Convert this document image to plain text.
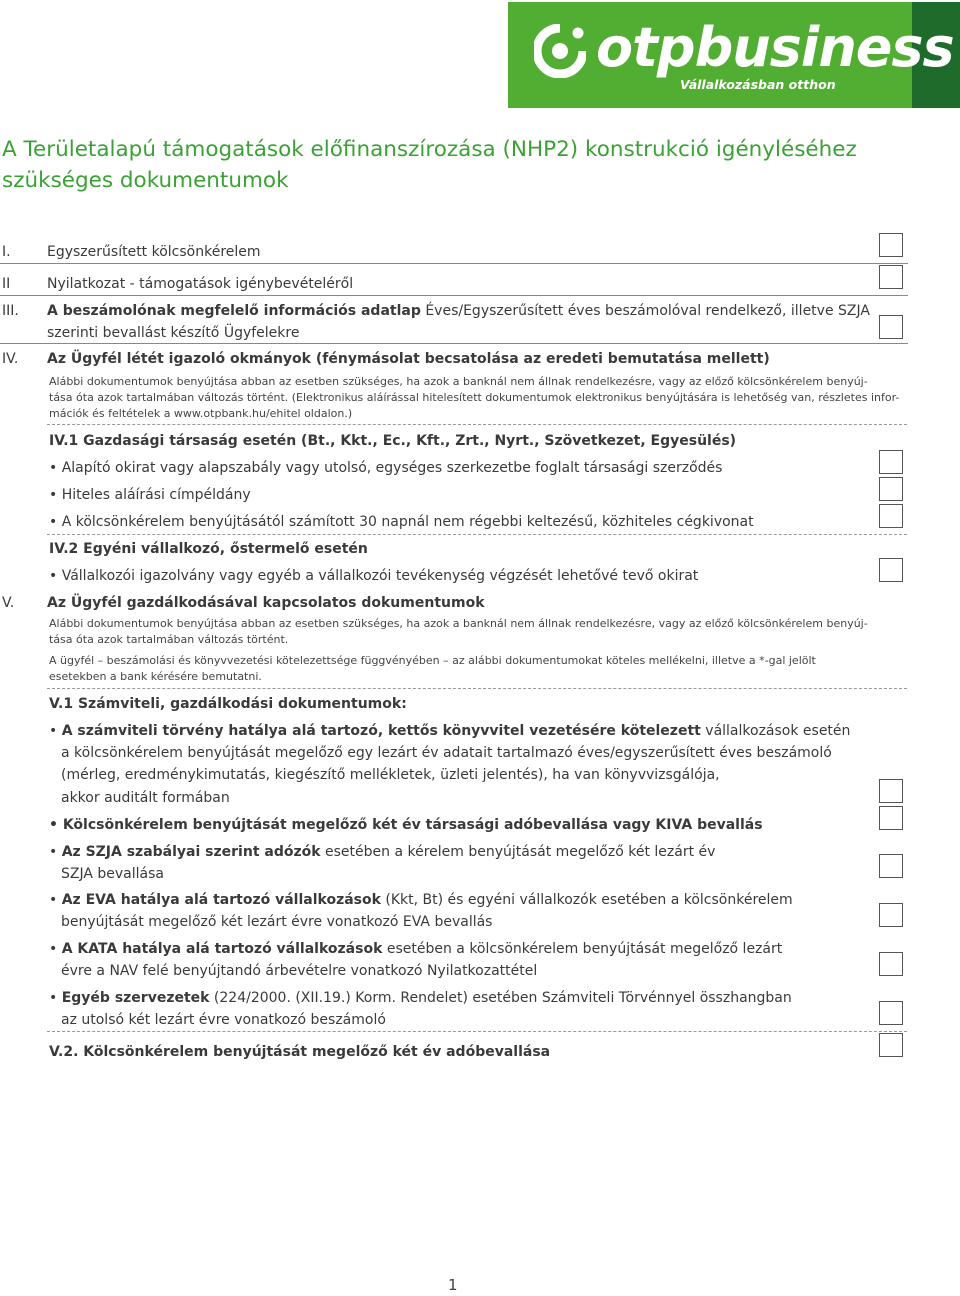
otpbusiness
Vállalkozásban otthon
A Területalapú támogatások előfinanszírozása (NHP2) konstrukció igényléséhez szükséges dokumentumok
I.	Egyszerűsített kölcsönkérelem
II	Nyilatkozat - támogatások igénybevételéről
III. A beszámolónak megfelelő információs adatlap Éves/Egyszerűsített éves beszámolóval rendelkező, illetve SZJA
szerinti bevallást készítő Ügyfelekre
IV. Az Ügyfél létét igazoló okmányok (fénymásolat becsatolása az eredeti bemutatása mellett)
Alábbi dokumentumok benyújtása abban az esetben szükséges, ha azok a banknál nem állnak rendelkezésre, vagy az előző kölcsönkérelem benyúj-
tása óta azok tartalmában változás történt. (Elektronikus aláírással hitelesített dokumentumok elektronikus benyújtására is lehetőség van, részletes infor-
mációk és feltételek a www.otpbank.hu/ehitel oldalon.)
IV.1 Gazdasági társaság esetén (Bt., Kkt., Ec., Kft., Zrt., Nyrt., Szövetkezet, Egyesülés)
• Alapító okirat vagy alapszabály vagy utolsó, egységes szerkezetbe foglalt társasági szerződés
• Hiteles aláírási címpéldány
• A kölcsönkérelem benyújtásától számított 30 napnál nem régebbi keltezésű, közhiteles cégkivonat
IV.2 Egyéni vállalkozó, őstermelő esetén
• Vállalkozói igazolvány vagy egyéb a vállalkozói tevékenység végzését lehetővé tevő okirat
V. Az Ügyfél gazdálkodásával kapcsolatos dokumentumok
Alábbi dokumentumok benyújtása abban az esetben szükséges, ha azok a banknál nem állnak rendelkezésre, vagy az előző kölcsönkérelem benyúj-
tása óta azok tartalmában változás történt.
A ügyfél – beszámolási és könyvvezetési kötelezettsége függvényében – az alábbi dokumentumokat köteles mellékelni, illetve a *-gal jelölt
esetekben a bank kérésére bemutatni.
V.1 Számviteli, gazdálkodási dokumentumok:
• A számviteli törvény hatálya alá tartozó, kettős könyvvitel vezetésére kötelezett vállalkozások esetén
a kölcsönkérelem benyújtását megelőző egy lezárt év adatait tartalmazó éves/egyszerűsített éves beszámoló
(mérleg, eredménykimutatás, kiegészítő mellékletek, üzleti jelentés), ha van könyvvizsgálója,
akkor auditált formában
• Kölcsönkérelem benyújtását megelőző két év társasági adóbevallása vagy KIVA bevallás
• Az SZJA szabályai szerint adózók esetében a kérelem benyújtását megelőző két lezárt év
SZJA bevallása
• Az EVA hatálya alá tartozó vállalkozások (Kkt, Bt) és egyéni vállalkozók esetében a kölcsönkérelem
benyújtását megelőző két lezárt évre vonatkozó EVA bevallás
• A KATA hatálya alá tartozó vállalkozások esetében a kölcsönkérelem benyújtását megelőző lezárt
évre a NAV felé benyújtandó árbevételre vonatkozó Nyilatkozattétel
• Egyéb szervezetek (224/2000. (XII.19.) Korm. Rendelet) esetében Számviteli Törvénnyel összhangban
az utolsó két lezárt évre vonatkozó beszámoló
V.2. Kölcsönkérelem benyújtását megelőző két év adóbevallása
1
